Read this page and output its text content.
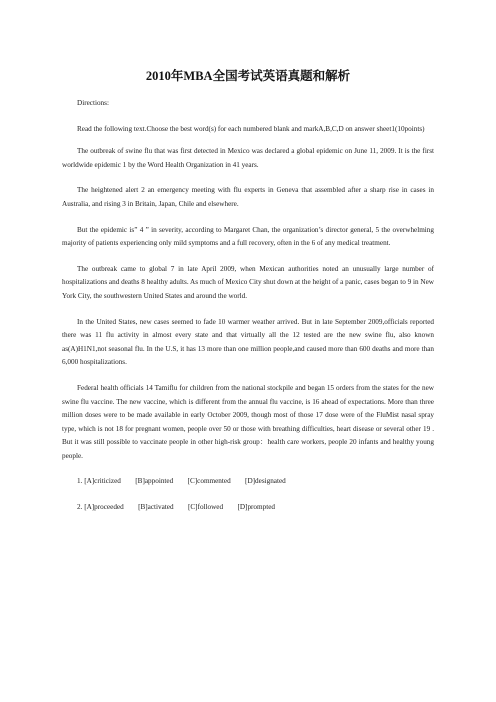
2010年MBA全国考试英语真题和解析

Directions:

Read the following text.Choose the best word(s) for each numbered blank and markA,B,C,D on answer sheet1(10points)

The outbreak of swine flu that was first detected in Mexico was declared a global epidemic on June 11, 2009. It is the first worldwide epidemic 1 by the Word Health Organization in 41 years.

The heightened alert 2 an emergency meeting with flu experts in Geneva that assembled after a sharp rise in cases in Australia, and rising 3 in Britain, Japan, Chile and elsewhere.

But the epidemic is” 4 ” in severity, according to Margaret Chan, the organization’s director general, 5 the overwhelming majority of patients experiencing only mild symptoms and a full recovery, often in the 6 of any medical treatment.

The outbreak came to global 7 in late April 2009, when Mexican authorities noted an unusually large number of hospitalizations and deaths 8 healthy adults. As much of Mexico City shut down at the height of a panic, cases began to 9 in New York City, the southwestern United States and around the world.

In the United States, new cases seemed to fade 10 warmer weather arrived. But in late September 2009,officials reported there was 11 flu activity in almost every state and that virtually all the 12 tested are the new swine flu, also known as(A)H1N1,not seasonal flu. In the U.S, it has 13 more than one million people,and caused more than 600 deaths and more than 6,000 hospitalizations.

Federal health officials 14 Tamiflu for children from the national stockpile and began 15 orders from the states for the new swine flu vaccine. The new vaccine, which is different from the annual flu vaccine, is 16 ahead of expectations. More than three million doses were to be made available in early October 2009, though most of those 17 dose were of the FluMist nasal spray type, which is not 18 for pregnant women, people over 50 or those with breathing difficulties, heart disease or several other 19 . But it was still possible to vaccinate people in other high-risk group：health care workers, people 20 infants and healthy young people.

1. [A]criticized        [B]appointed        [C]commented        [D]designated

2. [A]proceeded        [B]activated        [C]followed        [D]prompted
